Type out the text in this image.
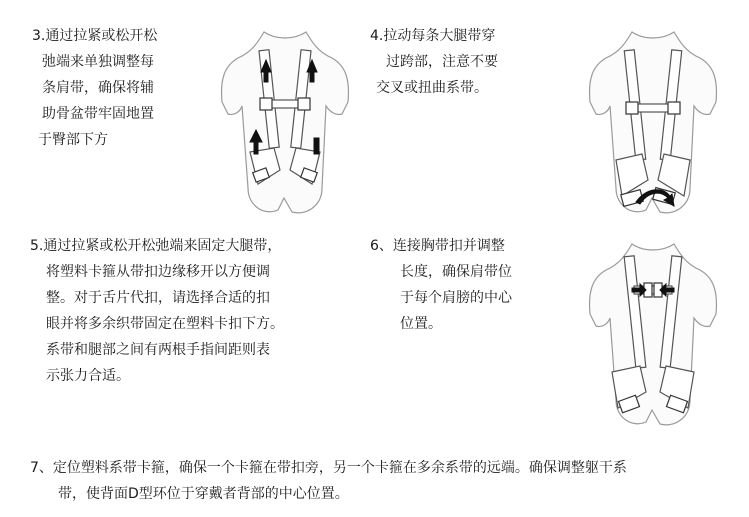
3.通过拉紧或松开松
弛端来单独调整每
条肩带，确保将辅
助骨盆带牢固地置
于臀部下方
4.拉动每条大腿带穿
过跨部，注意不要
交叉或扭曲系带。
5.通过拉紧或松开松弛端来固定大腿带，
将塑料卡箍从带扣边缘移开以方便调
整。对于舌片代扣，请选择合适的扣
眼并将多余织带固定在塑料卡扣下方。
系带和腿部之间有两根手指间距则表
示张力合适。
6、连接胸带扣并调整
长度，确保肩带位
于每个肩膀的中心
位置。
7、定位塑料系带卡箍，确保一个卡箍在带扣旁，另一个卡箍在多余系带的远端。确保调整躯干系
带，使背面D型环位于穿戴者背部的中心位置。
